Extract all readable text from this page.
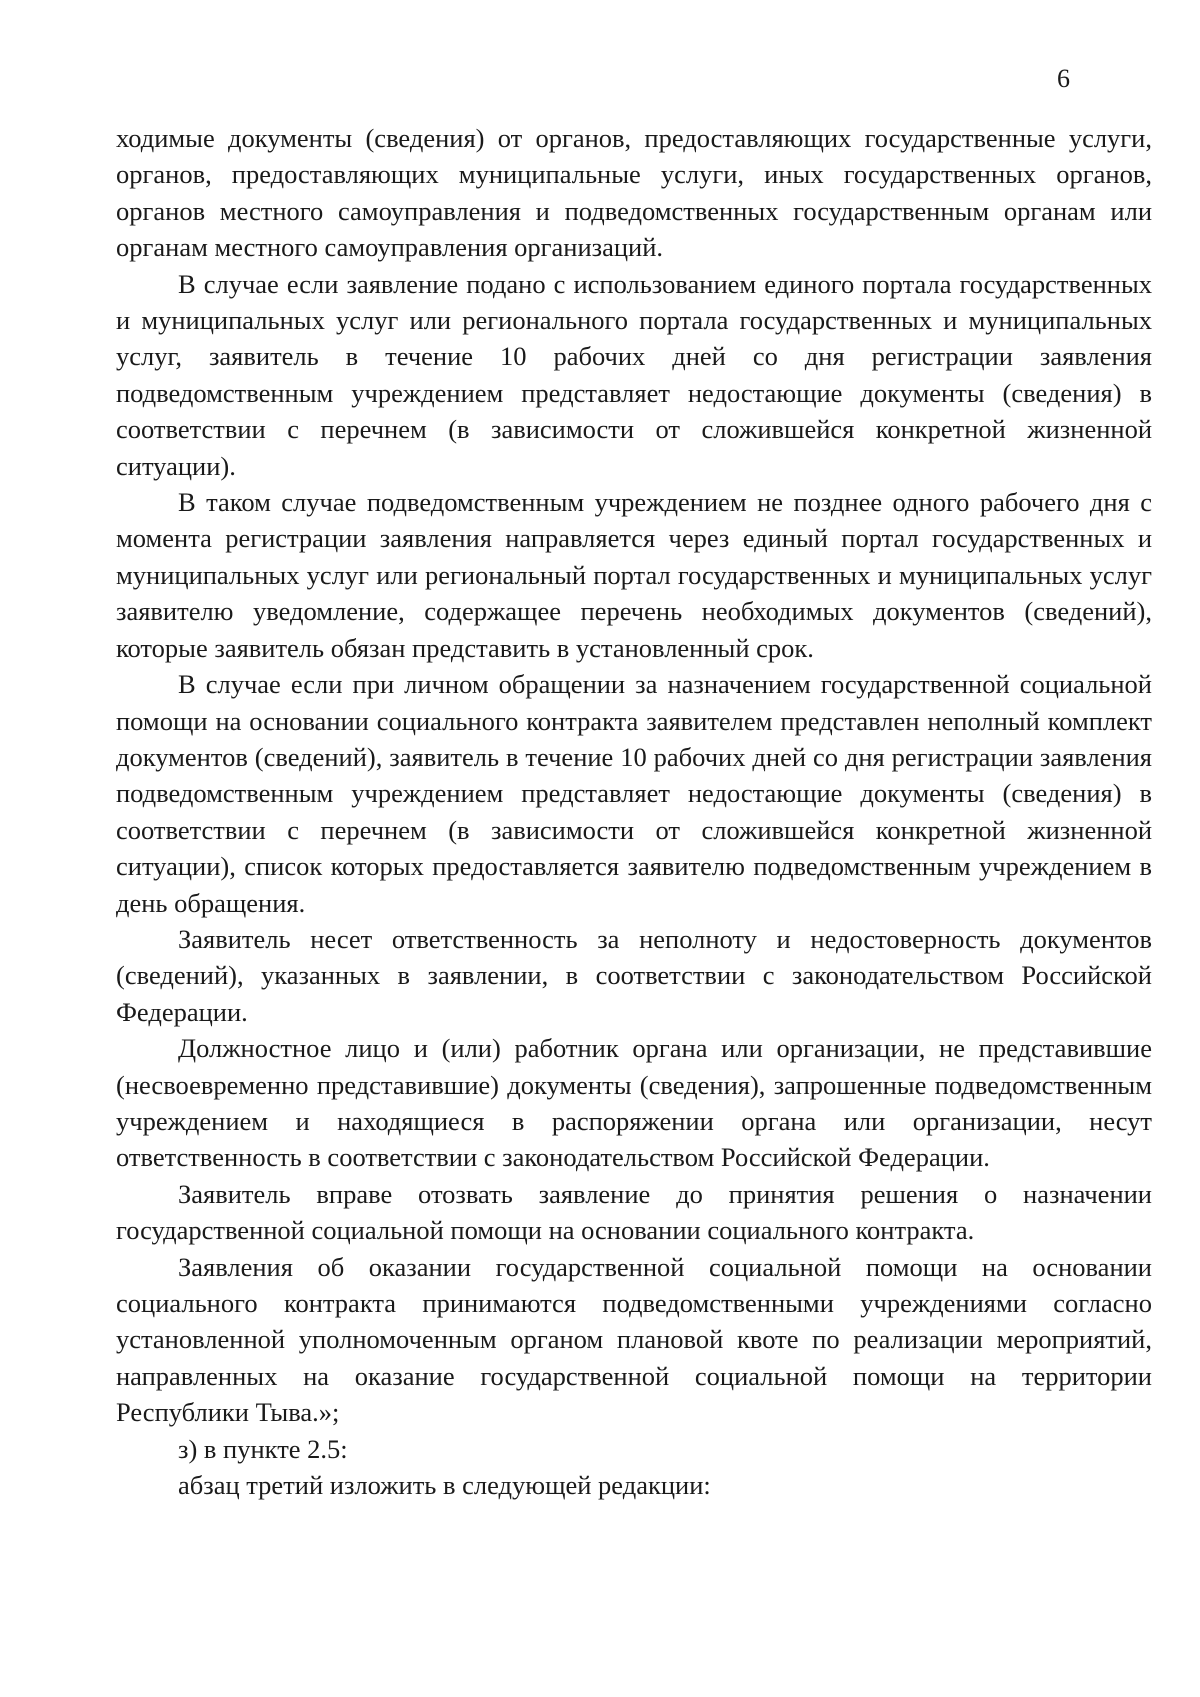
6

ходимые документы (сведения) от органов, предоставляющих государственные услуги, органов, предоставляющих муниципальные услуги, иных государственных органов, органов местного самоуправления и подведомственных государственным органам или органам местного самоуправления организаций.

В случае если заявление подано с использованием единого портала государственных и муниципальных услуг или регионального портала государственных и муниципальных услуг, заявитель в течение 10 рабочих дней со дня регистрации заявления подведомственным учреждением представляет недостающие документы (сведения) в соответствии с перечнем (в зависимости от сложившейся конкретной жизненной ситуации).

В таком случае подведомственным учреждением не позднее одного рабочего дня с момента регистрации заявления направляется через единый портал государственных и муниципальных услуг или региональный портал государственных и муниципальных услуг заявителю уведомление, содержащее перечень необходимых документов (сведений), которые заявитель обязан представить в установленный срок.

В случае если при личном обращении за назначением государственной социальной помощи на основании социального контракта заявителем представлен неполный комплект документов (сведений), заявитель в течение 10 рабочих дней со дня регистрации заявления подведомственным учреждением представляет недостающие документы (сведения) в соответствии с перечнем (в зависимости от сложившейся конкретной жизненной ситуации), список которых предоставляется заявителю подведомственным учреждением в день обращения.

Заявитель несет ответственность за неполноту и недостоверность документов (сведений), указанных в заявлении, в соответствии с законодательством Российской Федерации.

Должностное лицо и (или) работник органа или организации, не представившие (несвоевременно представившие) документы (сведения), запрошенные подведомственным учреждением и находящиеся в распоряжении органа или организации, несут ответственность в соответствии с законодательством Российской Федерации.

Заявитель вправе отозвать заявление до принятия решения о назначении государственной социальной помощи на основании социального контракта.

Заявления об оказании государственной социальной помощи на основании социального контракта принимаются подведомственными учреждениями согласно установленной уполномоченным органом плановой квоте по реализации мероприятий, направленных на оказание государственной социальной помощи на территории Республики Тыва.»;

з) в пункте 2.5:

абзац третий изложить в следующей редакции:
